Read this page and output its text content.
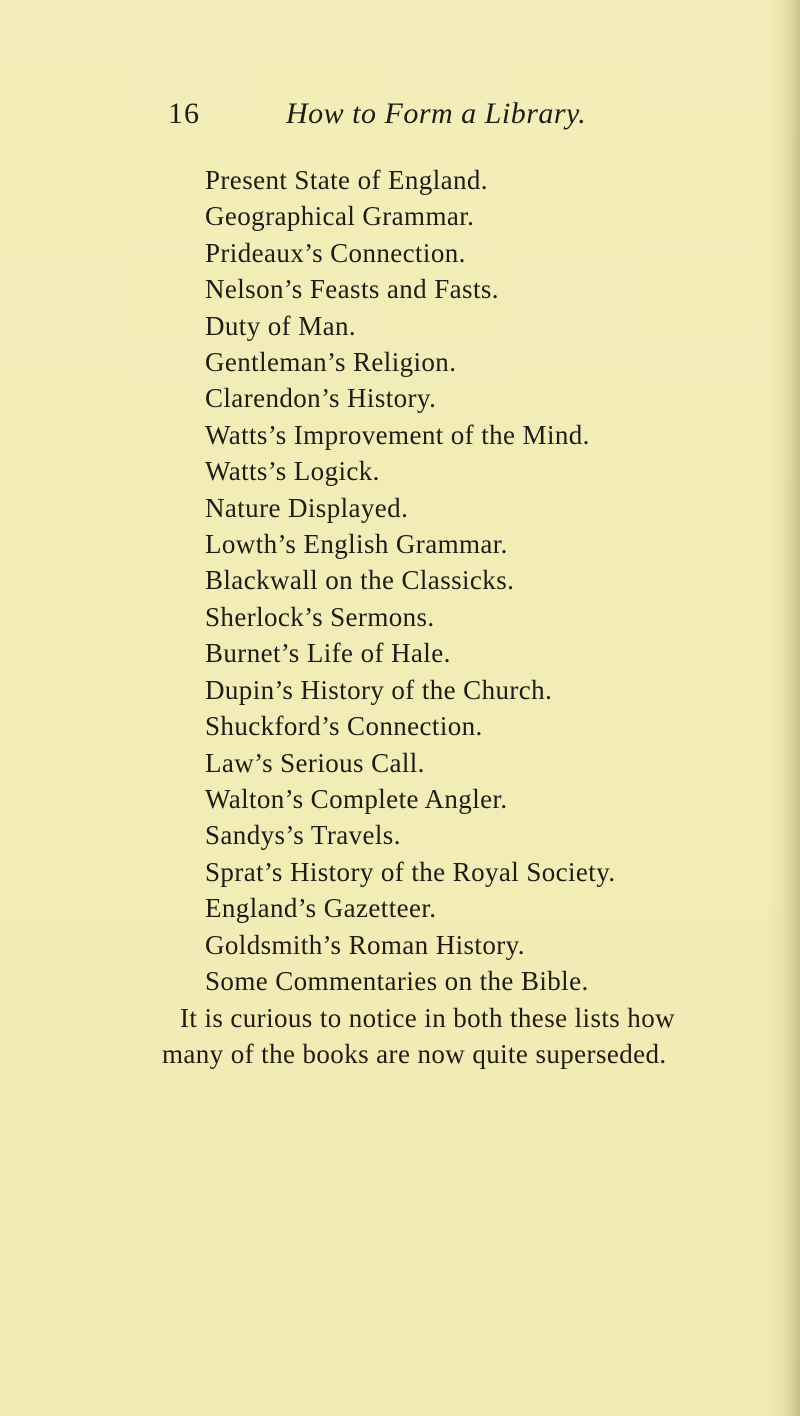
16	How to Form a Library.
Present State of England.
Geographical Grammar.
Prideaux’s Connection.
Nelson’s Feasts and Fasts.
Duty of Man.
Gentleman’s Religion.
Clarendon’s History.
Watts’s Improvement of the Mind.
Watts’s Logick.
Nature Displayed.
Lowth’s English Grammar.
Blackwall on the Classicks.
Sherlock’s Sermons.
Burnet’s Life of Hale.
Dupin’s History of the Church.
Shuckford’s Connection.
Law’s Serious Call.
Walton’s Complete Angler.
Sandys’s Travels.
Sprat’s History of the Royal Society.
England’s Gazetteer.
Goldsmith’s Roman History.
Some Commentaries on the Bible.

It is curious to notice in both these lists how
many of the books are now quite superseded.
